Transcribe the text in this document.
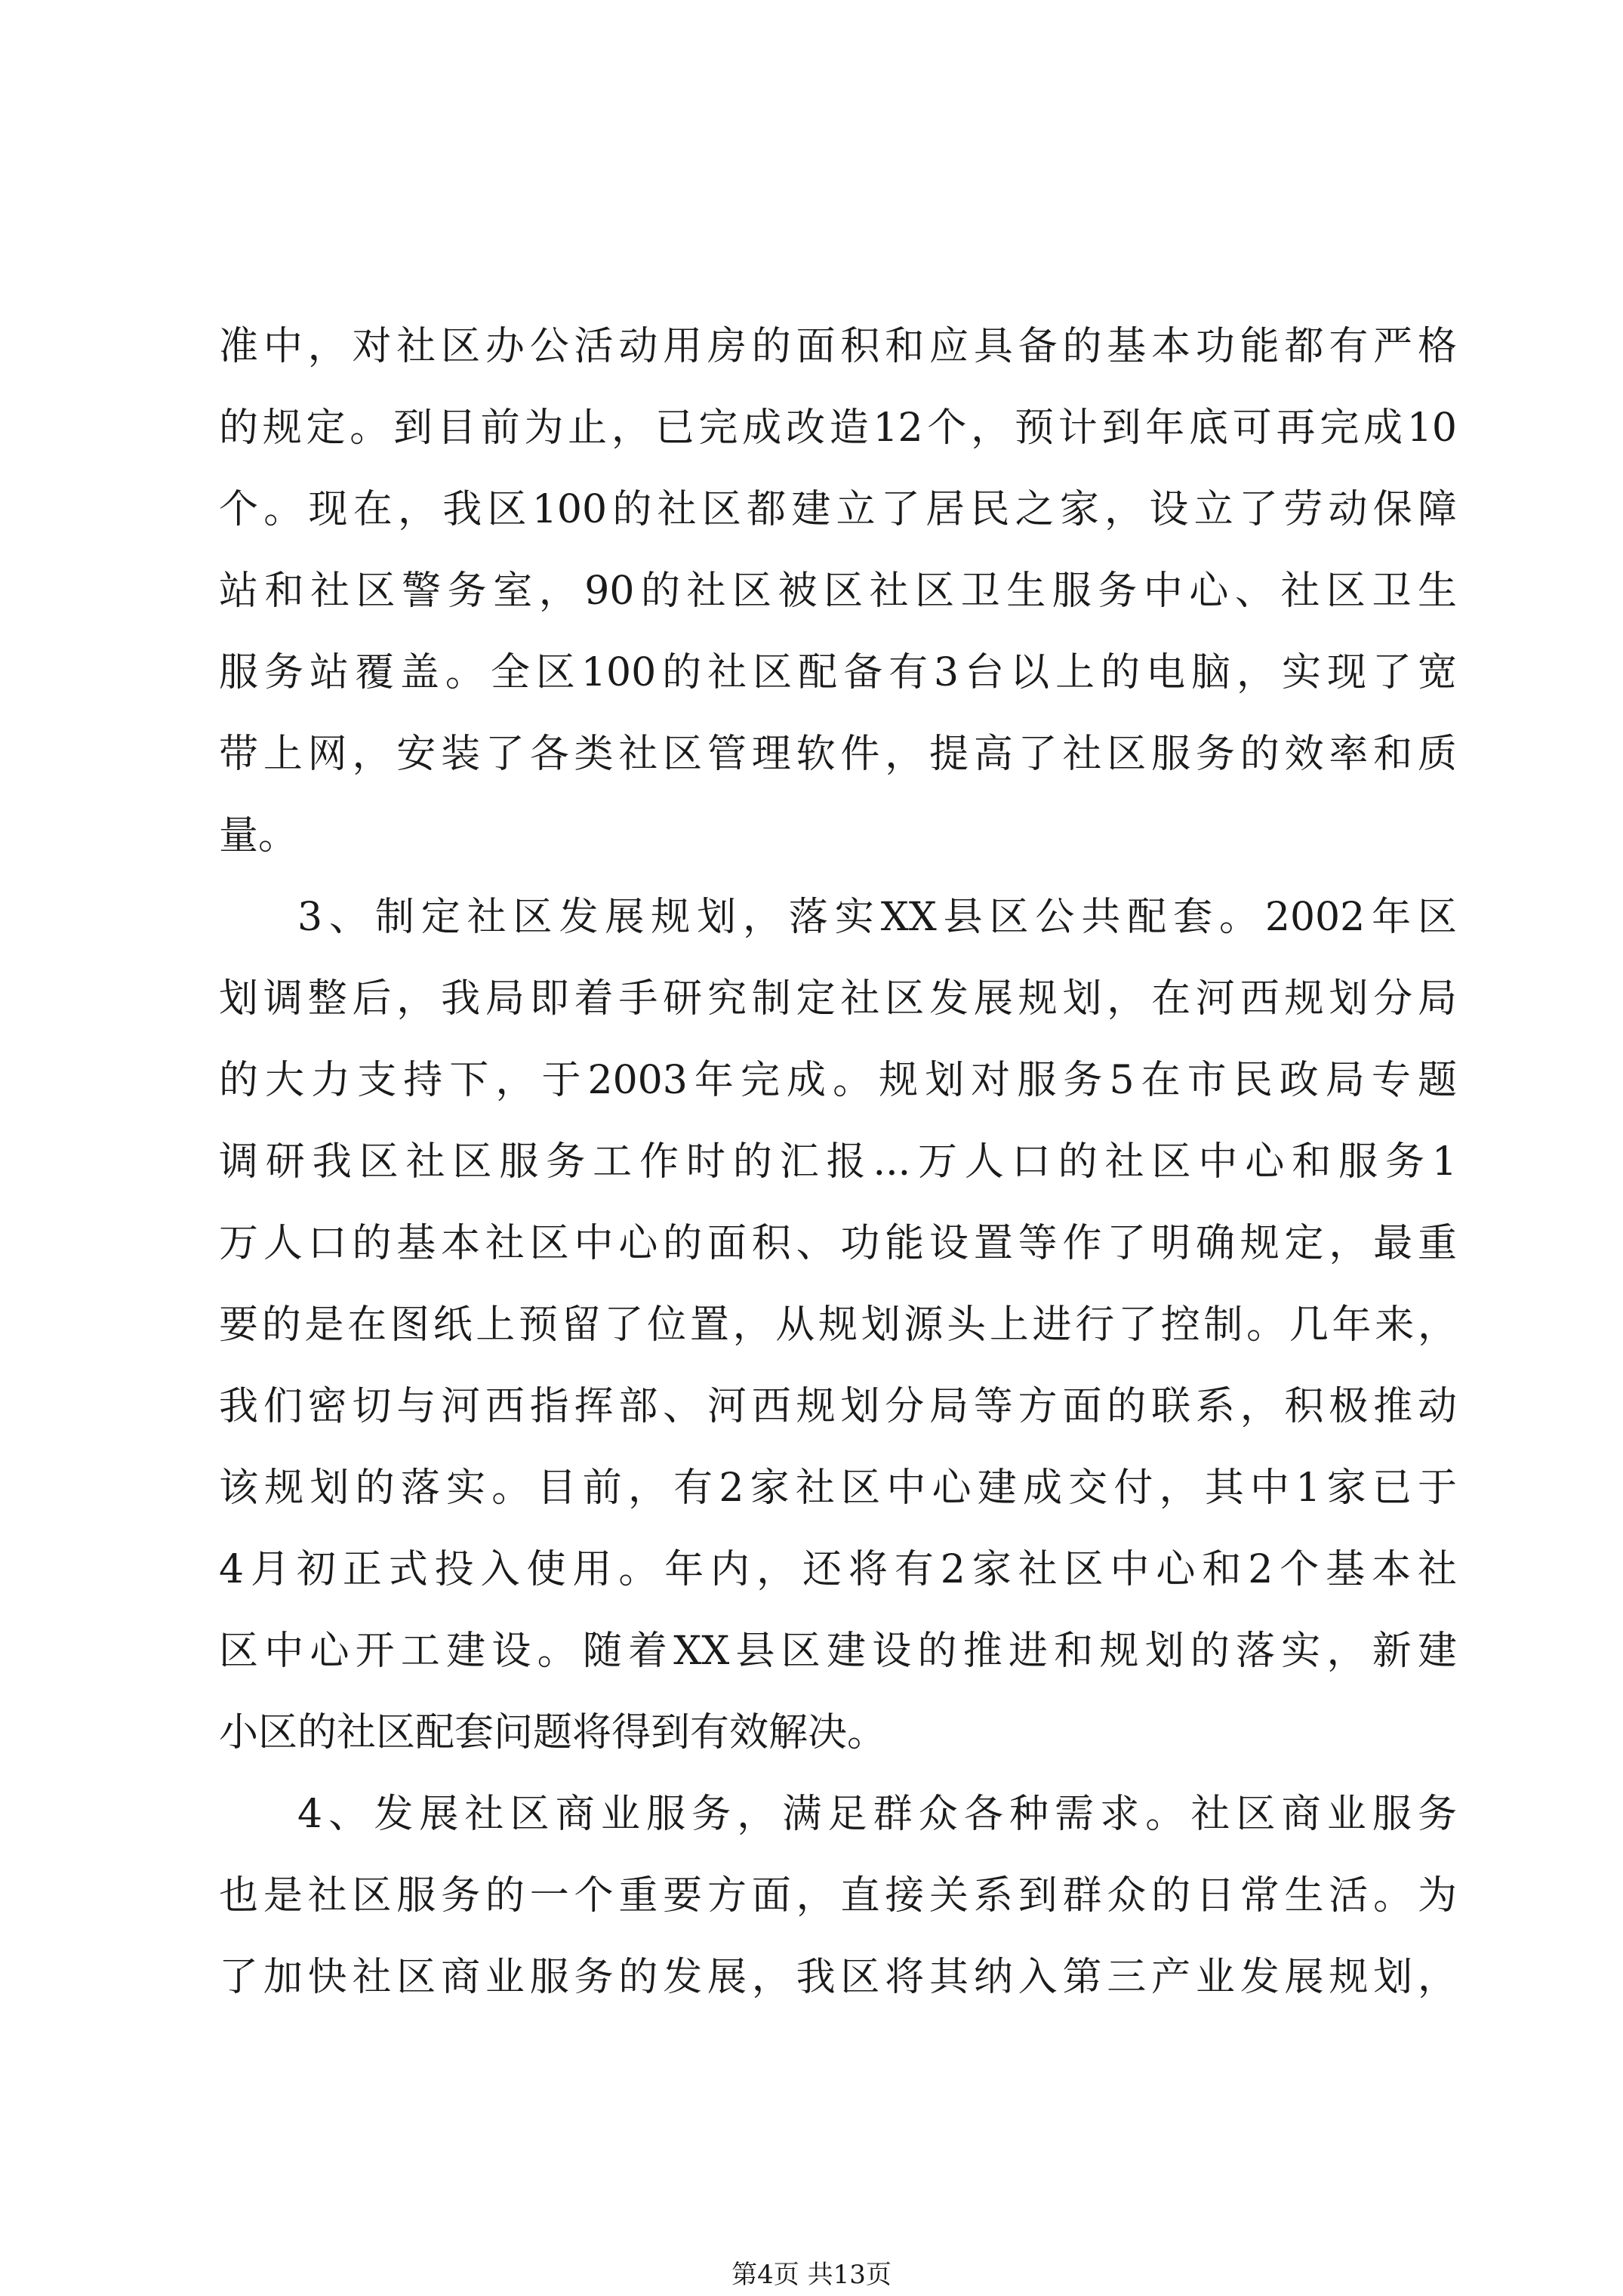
准中，对社区办公活动用房的面积和应具备的基本功能都有严格
的规定。到目前为止，已完成改造12个，预计到年底可再完成10
个。现在，我区100的社区都建立了居民之家，设立了劳动保障
站和社区警务室，90的社区被区社区卫生服务中心、社区卫生
服务站覆盖。全区100的社区配备有3台以上的电脑，实现了宽
带上网，安装了各类社区管理软件，提高了社区服务的效率和质
量。
3、制定社区发展规划，落实XX县区公共配套。2002年区
划调整后，我局即着手研究制定社区发展规划，在河西规划分局
的大力支持下，于2003年完成。规划对服务5在市民政局专题
调研我区社区服务工作时的汇报...万人口的社区中心和服务1
万人口的基本社区中心的面积、功能设置等作了明确规定，最重
要的是在图纸上预留了位置，从规划源头上进行了控制。几年来，
我们密切与河西指挥部、河西规划分局等方面的联系，积极推动
该规划的落实。目前，有2家社区中心建成交付，其中1家已于
4月初正式投入使用。年内，还将有2家社区中心和2个基本社
区中心开工建设。随着XX县区建设的推进和规划的落实，新建
小区的社区配套问题将得到有效解决。
4、发展社区商业服务，满足群众各种需求。社区商业服务
也是社区服务的一个重要方面，直接关系到群众的日常生活。为
了加快社区商业服务的发展，我区将其纳入第三产业发展规划，
第4页 共13页
